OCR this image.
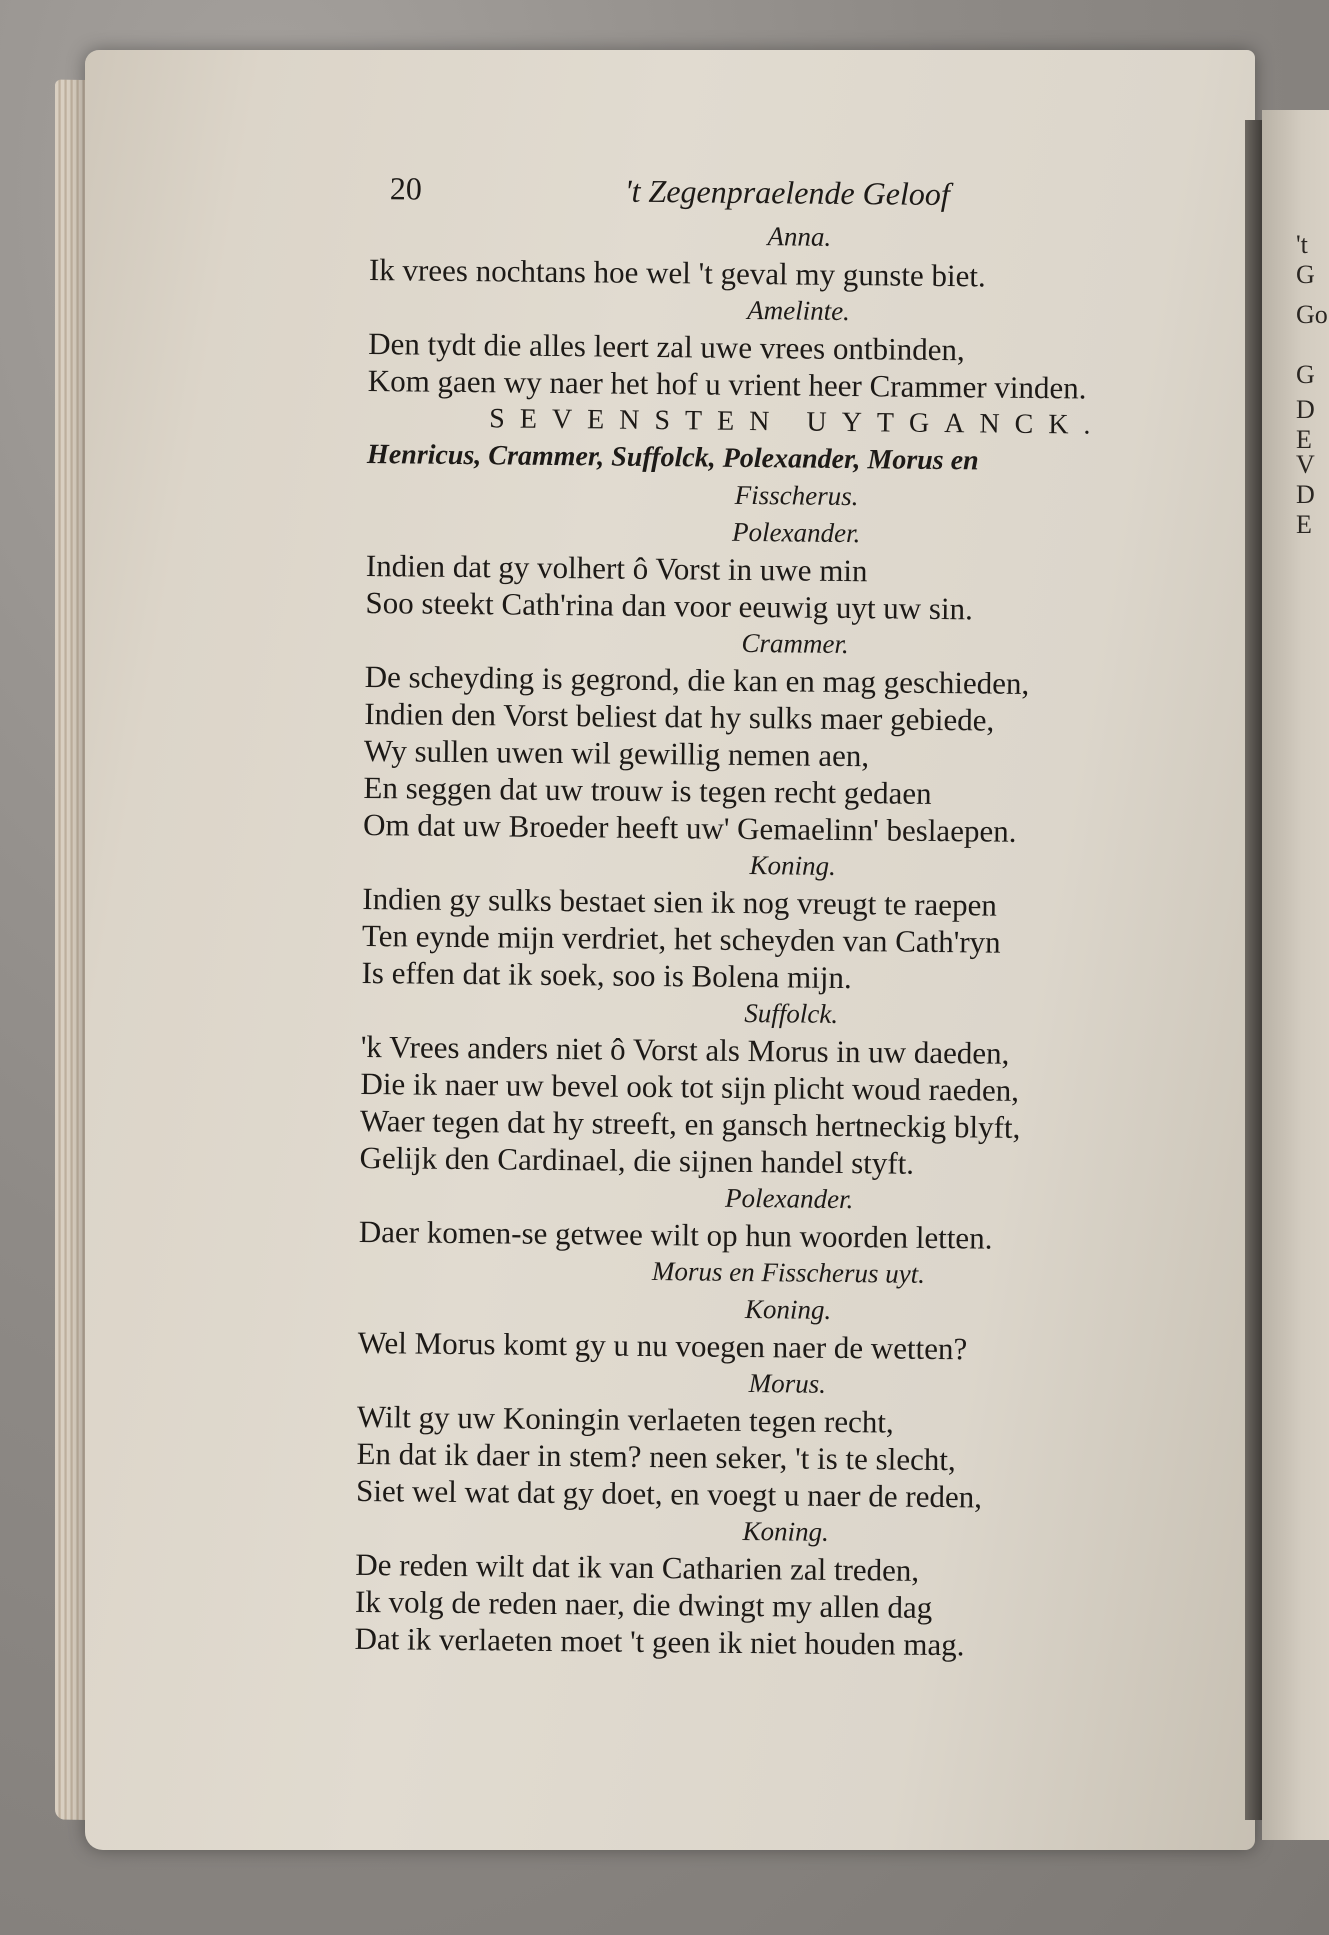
't G
Go
G
D
E
V
D
E
20	't Zegenpraelende Geloof
Anna.
Ik vrees nochtans hoe wel 't geval my gunste biet.
Amelinte.
Den tydt die alles leert zal uwe vrees ontbinden,
Kom gaen wy naer het hof u vrient heer Crammer vinden.
SEVENSTEN UYTGANCK.
Henricus, Crammer, Suffolck, Polexander, Morus en
Fisscherus.
Polexander.
Indien dat gy volhert ô Vorst in uwe min
Soo steekt Cath'rina dan voor eeuwig uyt uw sin.
Crammer.
De scheyding is gegrond, die kan en mag geschieden,
Indien den Vorst beliest dat hy sulks maer gebiede,
Wy sullen uwen wil gewillig nemen aen,
En seggen dat uw trouw is tegen recht gedaen
Om dat uw Broeder heeft uw' Gemaelinn' beslaepen.
Koning.
Indien gy sulks bestaet sien ik nog vreugt te raepen
Ten eynde mijn verdriet, het scheyden van Cath'ryn
Is effen dat ik soek, soo is Bolena mijn.
Suffolck.
'k Vrees anders niet ô Vorst als Morus in uw daeden,
Die ik naer uw bevel ook tot sijn plicht woud raeden,
Waer tegen dat hy streeft, en gansch hertneckig blyft,
Gelijk den Cardinael, die sijnen handel styft.
Polexander.
Daer komen-se getwee wilt op hun woorden letten.
Morus en Fisscherus uyt.
Koning.
Wel Morus komt gy u nu voegen naer de wetten?
Morus.
Wilt gy uw Koningin verlaeten tegen recht,
En dat ik daer in stem? neen seker, 't is te slecht,
Siet wel wat dat gy doet, en voegt u naer de reden,
Koning.
De reden wilt dat ik van Catharien zal treden,
Ik volg de reden naer, die dwingt my allen dag
Dat ik verlaeten moet 't geen ik niet houden mag.
